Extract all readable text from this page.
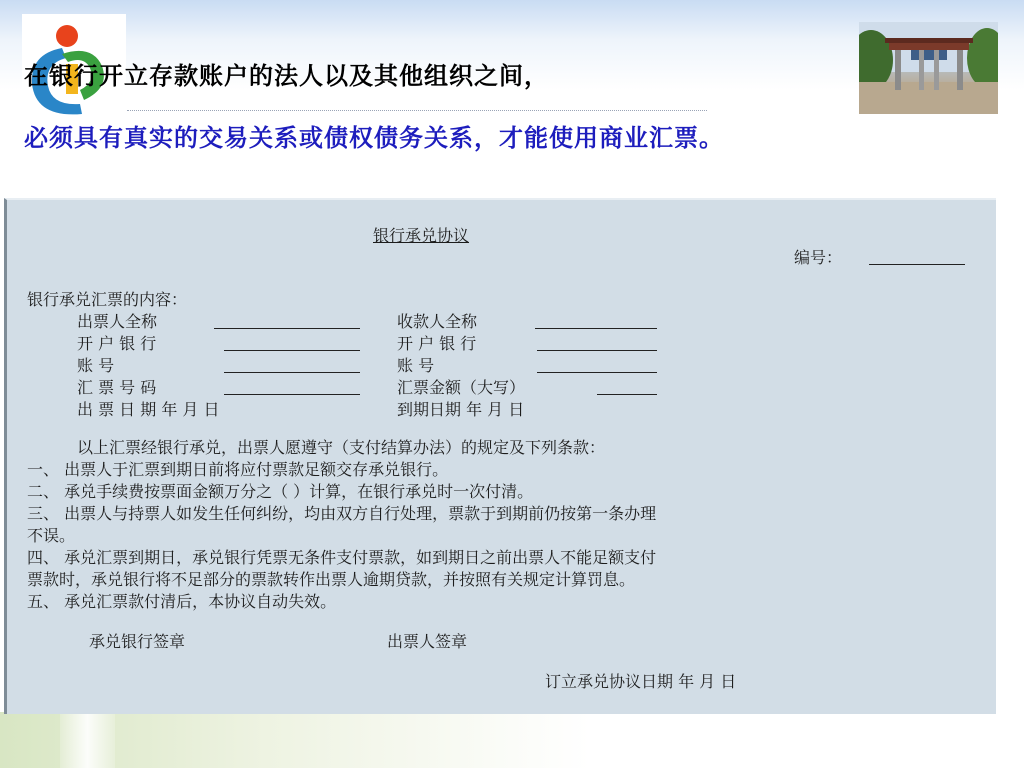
在银行开立存款账户的法人以及其他组织之间，

必须具有真实的交易关系或债权债务关系，才能使用商业汇票。

银行承兑协议
编号：
银行承兑汇票的内容：
出票人全称	收款人全称
开 户 银 行	开 户 银 行
账 号	账 号
汇 票 号 码	汇票金额（大写）
出 票 日 期 年 月 日	到期日期 年 月 日
以上汇票经银行承兑，出票人愿遵守（支付结算办法）的规定及下列条款：
一、 出票人于汇票到期日前将应付票款足额交存承兑银行。
二、 承兑手续费按票面金额万分之（ ）计算，在银行承兑时一次付清。
三、 出票人与持票人如发生任何纠纷，均由双方自行处理，票款于到期前仍按第一条办理
不误。
四、 承兑汇票到期日，承兑银行凭票无条件支付票款，如到期日之前出票人不能足额支付
票款时，承兑银行将不足部分的票款转作出票人逾期贷款，并按照有关规定计算罚息。
五、 承兑汇票款付清后，本协议自动失效。
承兑银行签章	出票人签章
订立承兑协议日期 年 月 日
